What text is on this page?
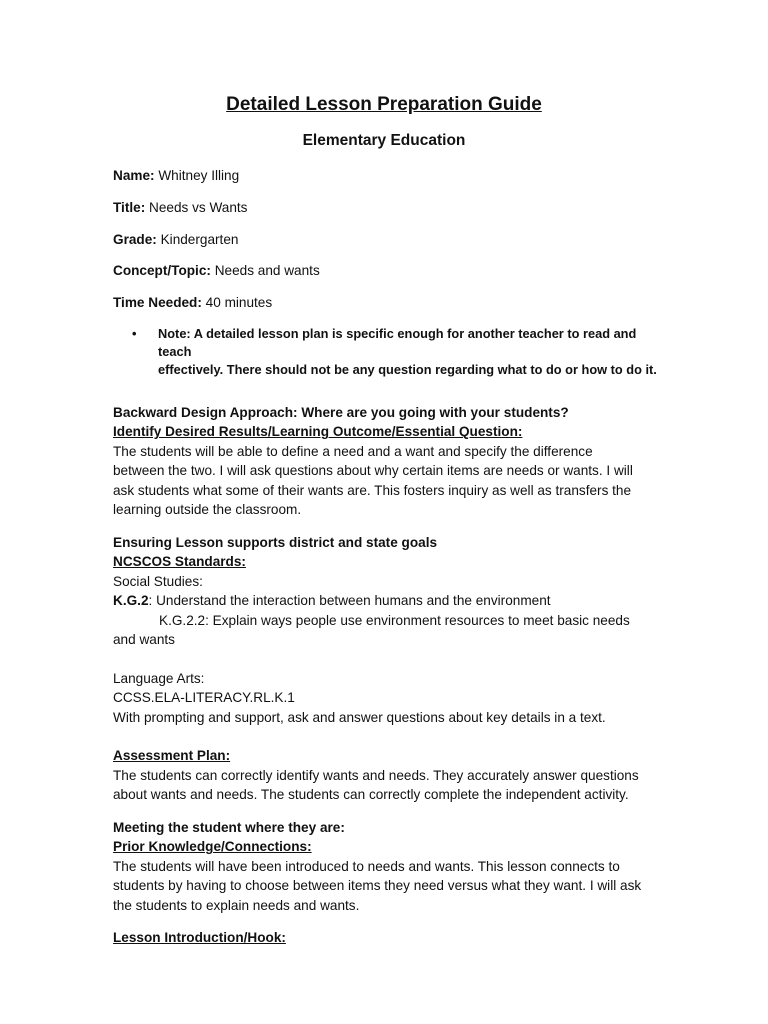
Detailed Lesson Preparation Guide
Elementary Education
Name: Whitney Illing
Title: Needs vs Wants
Grade: Kindergarten
Concept/Topic: Needs and wants
Time Needed: 40 minutes
• Note: A detailed lesson plan is specific enough for another teacher to read and teach
effectively. There should not be any question regarding what to do or how to do it.
Backward Design Approach: Where are you going with your students?
Identify Desired Results/Learning Outcome/Essential Question:
The students will be able to define a need and a want and specify the difference
between the two. I will ask questions about why certain items are needs or wants. I will
ask students what some of their wants are. This fosters inquiry as well as transfers the
learning outside the classroom.
Ensuring Lesson supports district and state goals
NCSCOS Standards:
Social Studies:
K.G.2: Understand the interaction between humans and the environment
K.G.2.2: Explain ways people use environment resources to meet basic needs
and wants
Language Arts:
CCSS.ELA-LITERACY.RL.K.1
With prompting and support, ask and answer questions about key details in a text.
Assessment Plan:
The students can correctly identify wants and needs. They accurately answer questions
about wants and needs. The students can correctly complete the independent activity.
Meeting the student where they are:
Prior Knowledge/Connections:
The students will have been introduced to needs and wants. This lesson connects to
students by having to choose between items they need versus what they want. I will ask
the students to explain needs and wants.
Lesson Introduction/Hook:
